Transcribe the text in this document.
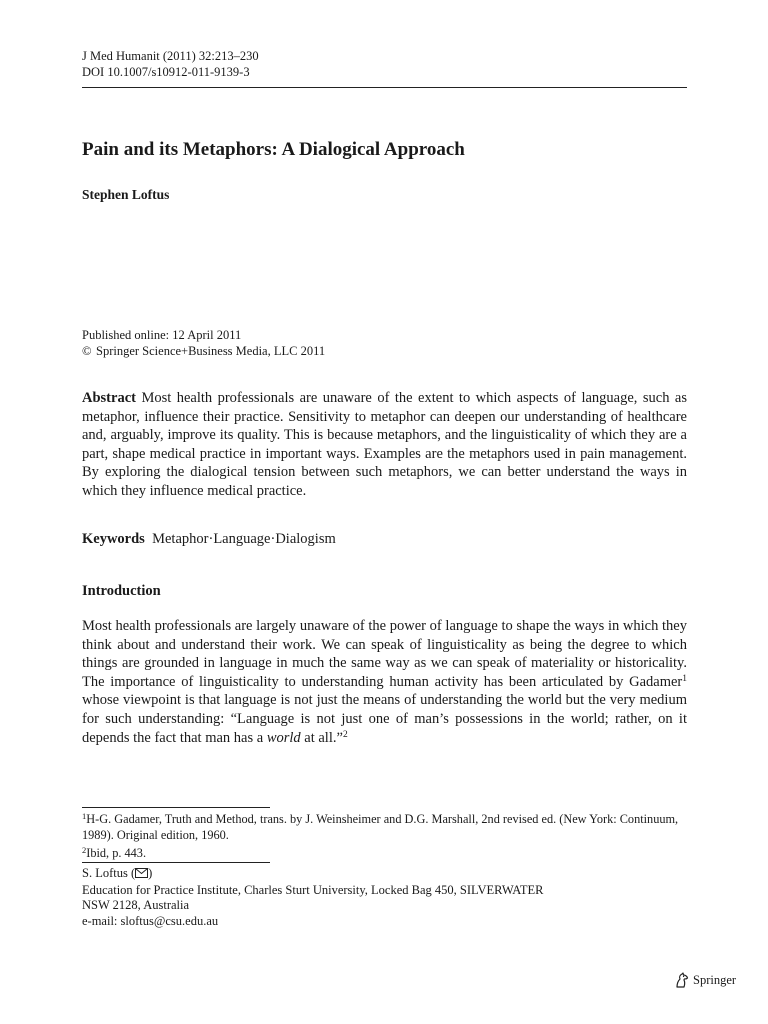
J Med Humanit (2011) 32:213–230
DOI 10.1007/s10912-011-9139-3
Pain and its Metaphors: A Dialogical Approach
Stephen Loftus
Published online: 12 April 2011
© Springer Science+Business Media, LLC 2011
Abstract Most health professionals are unaware of the extent to which aspects of language, such as metaphor, influence their practice. Sensitivity to metaphor can deepen our understanding of healthcare and, arguably, improve its quality. This is because metaphors, and the linguisticality of which they are a part, shape medical practice in important ways. Examples are the metaphors used in pain management. By exploring the dialogical tension between such metaphors, we can better understand the ways in which they influence medical practice.
Keywords Metaphor·Language·Dialogism
Introduction
Most health professionals are largely unaware of the power of language to shape the ways in which they think about and understand their work. We can speak of linguisticality as being the degree to which things are grounded in language in much the same way as we can speak of materiality or historicality. The importance of linguisticality to understanding human activity has been articulated by Gadamer$^1$ whose viewpoint is that language is not just the means of understanding the world but the very medium for such understanding: “Language is not just one of man’s possessions in the world; rather, on it depends the fact that man has a world at all.”$^2$
$^1$H-G. Gadamer, Truth and Method, trans. by J. Weinsheimer and D.G. Marshall, 2nd revised ed. (New York: Continuum, 1989). Original edition, 1960.
$^2$Ibid, p. 443.
S. Loftus ( )
Education for Practice Institute, Charles Sturt University, Locked Bag 450, SILVERWATER
NSW 2128, Australia
e-mail: sloftus@csu.edu.au
Springer
